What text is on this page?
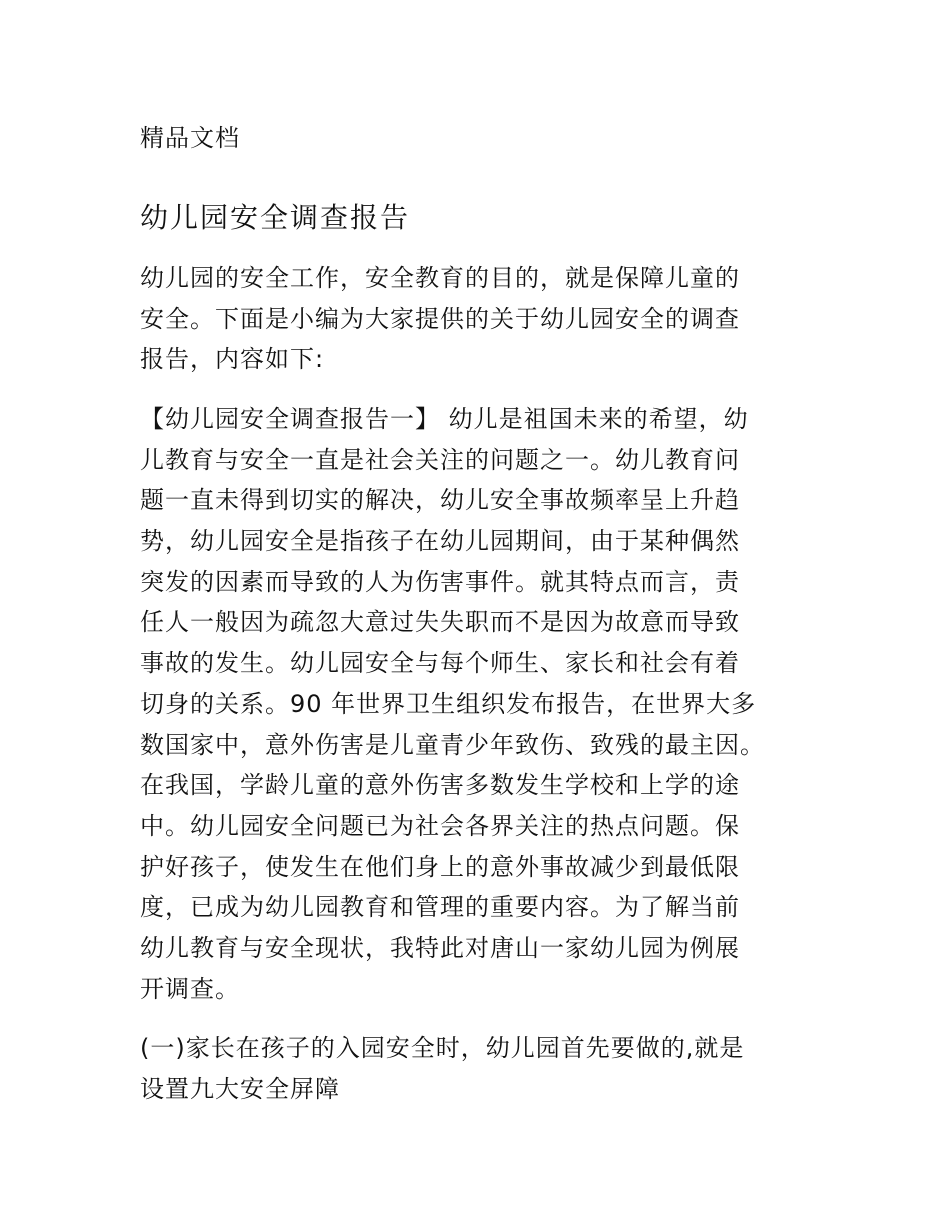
精品文档
幼儿园安全调查报告
幼儿园的安全工作，安全教育的目的，就是保障儿童的
安全。下面是小编为大家提供的关于幼儿园安全的调查
报告，内容如下:
【幼儿园安全调查报告一】 幼儿是祖国未来的希望，幼
儿教育与安全一直是社会关注的问题之一。幼儿教育问
题一直未得到切实的解决，幼儿安全事故频率呈上升趋
势，幼儿园安全是指孩子在幼儿园期间，由于某种偶然
突发的因素而导致的人为伤害事件。就其特点而言，责
任人一般因为疏忽大意过失失职而不是因为故意而导致
事故的发生。幼儿园安全与每个师生、家长和社会有着
切身的关系。90 年世界卫生组织发布报告，在世界大多
数国家中，意外伤害是儿童青少年致伤、致残的最主因。
在我国，学龄儿童的意外伤害多数发生学校和上学的途
中。幼儿园安全问题已为社会各界关注的热点问题。保
护好孩子，使发生在他们身上的意外事故减少到最低限
度，已成为幼儿园教育和管理的重要内容。为了解当前
幼儿教育与安全现状，我特此对唐山一家幼儿园为例展
开调查。
(一)家长在孩子的入园安全时，幼儿园首先要做的,就是
设置九大安全屏障
